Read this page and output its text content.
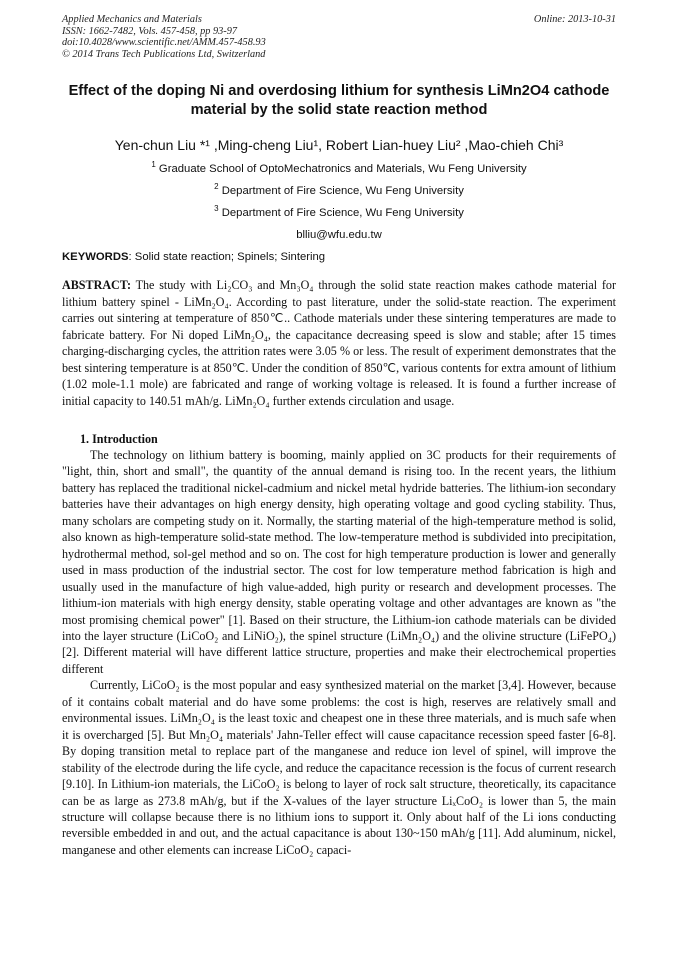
Applied Mechanics and Materials
ISSN: 1662-7482, Vols. 457-458, pp 93-97
doi:10.4028/www.scientific.net/AMM.457-458.93
© 2014 Trans Tech Publications Ltd, Switzerland
Online: 2013-10-31
Effect of the doping Ni and overdosing lithium for synthesis LiMn2O4 cathode material by the solid state reaction method
Yen-chun Liu *¹ ,Ming-cheng Liu¹, Robert Lian-huey Liu² ,Mao-chieh Chi³
$^1$ Graduate School of OptoMechatronics and Materials, Wu Feng University
$^2$ Department of Fire Science, Wu Feng University
$^3$ Department of Fire Science, Wu Feng University
blliu@wfu.edu.tw
KEYWORDS: Solid state reaction; Spinels; Sintering
ABSTRACT: The study with Li₂CO₃ and Mn₃O₄ through the solid state reaction makes cathode material for lithium battery spinel - LiMn₂O₄. According to past literature, under the solid-state reaction. The experiment carries out sintering at temperature of 850℃.. Cathode materials under these sintering temperatures are made to fabricate battery. For Ni doped LiMn₂O₄, the capacitance decreasing speed is slow and stable; after 15 times charging-discharging cycles, the attrition rates were 3.05 % or less. The result of experiment demonstrates that the best sintering temperature is at 850℃. Under the condition of 850℃, various contents for extra amount of lithium (1.02 mole-1.1 mole) are fabricated and range of working voltage is released. It is found a further increase of initial capacity to 140.51 mAh/g. LiMn₂O₄ further extends circulation and usage.
1. Introduction

The technology on lithium battery is booming, mainly applied on 3C products for their requirements of "light, thin, short and small", the quantity of the annual demand is rising too. In the recent years, the lithium battery has replaced the traditional nickel-cadmium and nickel metal hydride batteries. The lithium-ion secondary batteries have their advantages on high energy density, high operating voltage and good cycling stability. Thus, many scholars are competing study on it. Normally, the starting material of the high-temperature method is solid, also known as high-temperature solid-state method. The low-temperature method is subdivided into precipitation, hydrothermal method, sol-gel method and so on. The cost for high temperature production is lower and generally used in mass production of the industrial sector. The cost for low temperature method fabrication is high and usually used in the manufacture of high value-added, high purity or research and development processes. The lithium-ion materials with high energy density, stable operating voltage and other advantages are known as "the most promising chemical power" [1]. Based on their structure, the Lithium-ion cathode materials can be divided into the layer structure (LiCoO₂ and LiNiO₂), the spinel structure (LiMn₂O₄) and the olivine structure (LiFePO₄) [2]. Different material will have different lattice structure, properties and make their electrochemical properties different

Currently, LiCoO₂ is the most popular and easy synthesized material on the market [3,4]. However, because of it contains cobalt material and do have some problems: the cost is high, reserves are relatively small and environmental issues. LiMn₂O₄ is the least toxic and cheapest one in these three materials, and is much safe when it is overcharged [5]. But Mn₂O₄ materials' Jahn-Teller effect will cause capacitance recession speed faster [6-8]. By doping transition metal to replace part of the manganese and reduce ion level of spinel, will improve the stability of the electrode during the life cycle, and reduce the capacitance recession is the focus of current research [9.10]. In Lithium-ion materials, the LiCoO₂ is belong to layer of rock salt structure, theoretically, its capacitance can be as large as 273.8 mAh/g, but if the X-values of the layer structure LiₓCoO₂ is lower than 5, the main structure will collapse because there is no lithium ions to support it. Only about half of the Li ions conducting reversible embedded in and out, and the actual capacitance is about 130~150 mAh/g [11]. Add aluminum, nickel, manganese and other elements can increase LiCoO₂ capaci-
